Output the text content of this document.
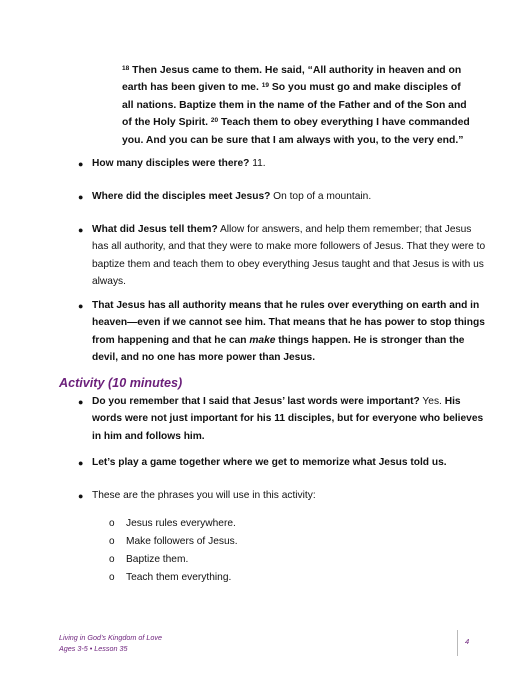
$^{18}$ Then Jesus came to them. He said, “All authority in heaven and on earth has been given to me. $^{19}$ So you must go and make disciples of all nations. Baptize them in the name of the Father and of the Son and of the Holy Spirit. $^{20}$ Teach them to obey everything I have commanded you. And you can be sure that I am always with you, to the very end.”
● How many disciples were there? 11.
● Where did the disciples meet Jesus? On top of a mountain.
● What did Jesus tell them? Allow for answers, and help them remember; that Jesus has all authority, and that they were to make more followers of Jesus. That they were to baptize them and teach them to obey everything Jesus taught and that Jesus is with us always.
● That Jesus has all authority means that he rules over everything on earth and in heaven—even if we cannot see him. That means that he has power to stop things from happening and that he can make things happen. He is stronger than the devil, and no one has more power than Jesus.
Activity (10 minutes)
● Do you remember that I said that Jesus’ last words were important? Yes. His words were not just important for his 11 disciples, but for everyone who believes in him and follows him.
● Let’s play a game together where we get to memorize what Jesus told us.
● These are the phrases you will use in this activity:
o Jesus rules everywhere.
o Make followers of Jesus.
o Baptize them.
o Teach them everything.
Living in God’s Kingdom of Love
Ages 3-5 • Lesson 35
4
